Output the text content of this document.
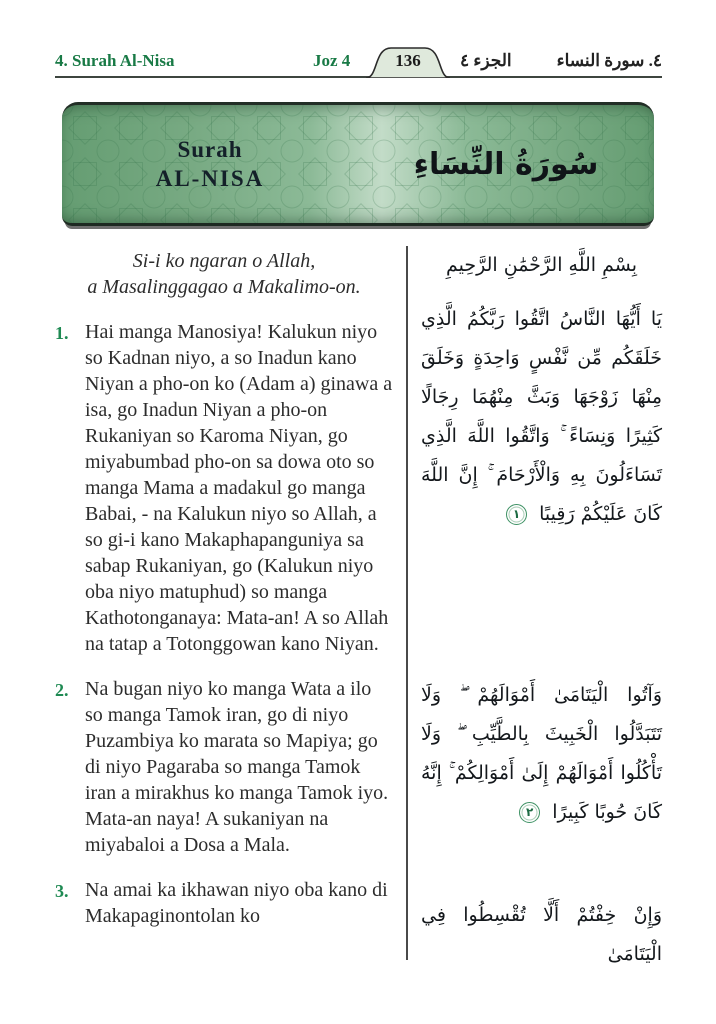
4. Surah Al-Nisa	Joz 4	136	الجزء ٤	٤. سورة النساء
Surah
AL-NISA	سُورَةُ النِّسَاءِ
Si-i ko ngaran o Allah,
a Masalinggagao a Makalimo-on.
1. Hai manga Manosiya! Kalukun niyo so Kadnan niyo, a so Inadun kano Niyan a pho-on ko (Adam a) ginawa a isa, go Inadun Niyan a pho-on Rukaniyan so Karoma Niyan, go miyabumbad pho-on sa dowa oto so manga Mama a madakul go manga Babai, - na Kalukun niyo so Allah, a so gi-i kano Makaphapanguniya sa sabap Rukaniyan, go (Kalukun niyo oba niyo matuphud) so manga Kathotonganaya: Mata-an! A so Allah na tatap a Totonggowan kano Niyan.
2. Na bugan niyo ko manga Wata a ilo so manga Tamok iran, go di niyo Puzambiya ko marata so Mapiya; go di niyo Pagaraba so manga Tamok iran a mirakhus ko manga Tamok iyo. Mata-an naya! A sukaniyan na miyabaloi a Dosa a Mala.
3. Na amai ka ikhawan niyo oba kano di Makapaginontolan ko
بِسْمِ اللَّهِ الرَّحْمَٰنِ الرَّحِيمِ
يَا أَيُّهَا النَّاسُ اتَّقُوا رَبَّكُمُ الَّذِي خَلَقَكُم مِّن نَّفْسٍ وَاحِدَةٍ وَخَلَقَ مِنْهَا زَوْجَهَا وَبَثَّ مِنْهُمَا رِجَالًا كَثِيرًا وَنِسَاءً ۚ وَاتَّقُوا اللَّهَ الَّذِي تَسَاءَلُونَ بِهِ وَالْأَرْحَامَ ۚ إِنَّ اللَّهَ كَانَ عَلَيْكُمْ رَقِيبًا ١
وَآتُوا الْيَتَامَىٰ أَمْوَالَهُمْ ۖ وَلَا تَتَبَدَّلُوا الْخَبِيثَ بِالطَّيِّبِ ۖ وَلَا تَأْكُلُوا أَمْوَالَهُمْ إِلَىٰ أَمْوَالِكُمْ ۚ إِنَّهُ كَانَ حُوبًا كَبِيرًا ٢
وَإِنْ خِفْتُمْ أَلَّا تُقْسِطُوا فِي الْيَتَامَىٰ
